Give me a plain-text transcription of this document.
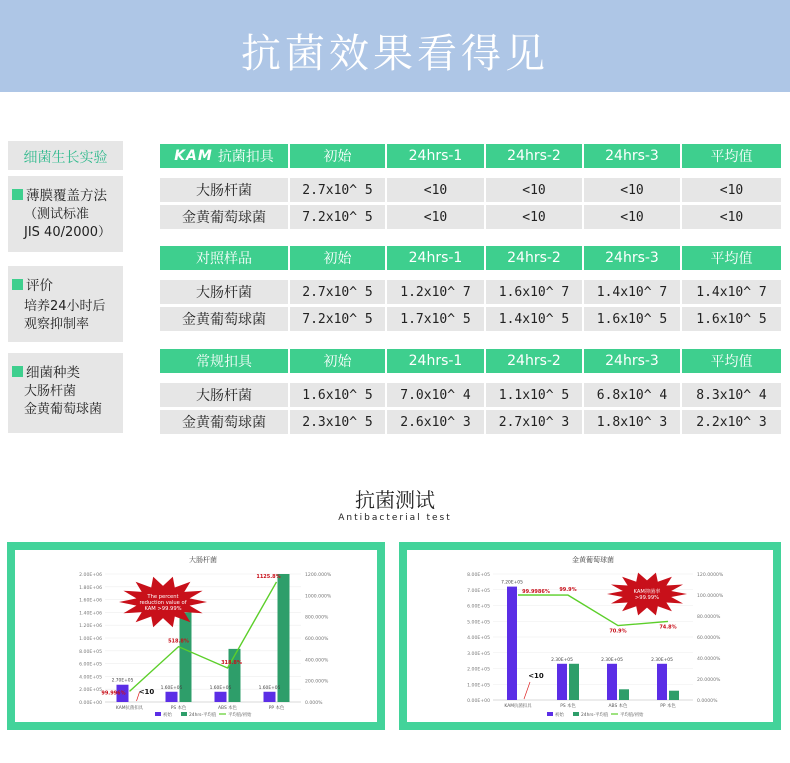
抗菌效果看得见
细菌生长实验
薄膜覆盖方法
（测试标准
JIS 40/2000）
评价
培养24小时后
观察抑制率
细菌种类
大肠杆菌
金黄葡萄球菌
KAM 抗菌扣具	初始	24hrs-1	24hrs-2	24hrs-3	平均值
大肠杆菌	2.7x10^ 5	<10	<10	<10	<10
金黄葡萄球菌	7.2x10^ 5	<10	<10	<10	<10
对照样品	初始	24hrs-1	24hrs-2	24hrs-3	平均值
大肠杆菌	2.7x10^ 5	1.2x10^ 7	1.6x10^ 7	1.4x10^ 7	1.4x10^ 7
金黄葡萄球菌	7.2x10^ 5	1.7x10^ 5	1.4x10^ 5	1.6x10^ 5	1.6x10^ 5
常规扣具	初始	24hrs-1	24hrs-2	24hrs-3	平均值
大肠杆菌	1.6x10^ 5	7.0x10^ 4	1.1x10^ 5	6.8x10^ 4	8.3x10^ 4
金黄葡萄球菌	2.3x10^ 5	2.6x10^ 3	2.7x10^ 3	1.8x10^ 3	2.2x10^ 3
抗菌测试
Antibacterial test
大肠杆菌
0.00E+00
2.00E+05
4.00E+05
6.00E+05
8.00E+05
1.00E+06
1.20E+06
1.40E+06
1.60E+06
1.80E+06
2.00E+06
0.000%
200.000%
400.000%
600.000%
800.000%
1000.000%
1200.000%
2.70E+05
KAM抗菌扣具
1.60E+05
PS 本色
1.60E+05
ABS 本色
1.60E+05
PP 本色
99.996%
518.8%
318.8%
1125.8%
<10
The percent
reduction value of
KAM >99.99%
初始	24hrs-平均值	平均值/初始
金黄葡萄球菌
0.00E+00
1.00E+05
2.00E+05
3.00E+05
4.00E+05
5.00E+05
6.00E+05
7.00E+05
8.00E+05
0.0000%
20.0000%
40.0000%
60.0000%
80.0000%
100.0000%
120.0000%
7.20E+05
KAM抗菌扣具
2.30E+05
PS 本色
2.30E+05
ABS 本色
2.30E+05
PP 本色
99.9986% 99.9%
70.9%
74.8%
<10
KAM抑菌率
>99.99%
初始	24hrs-平均值	平均值/初始
